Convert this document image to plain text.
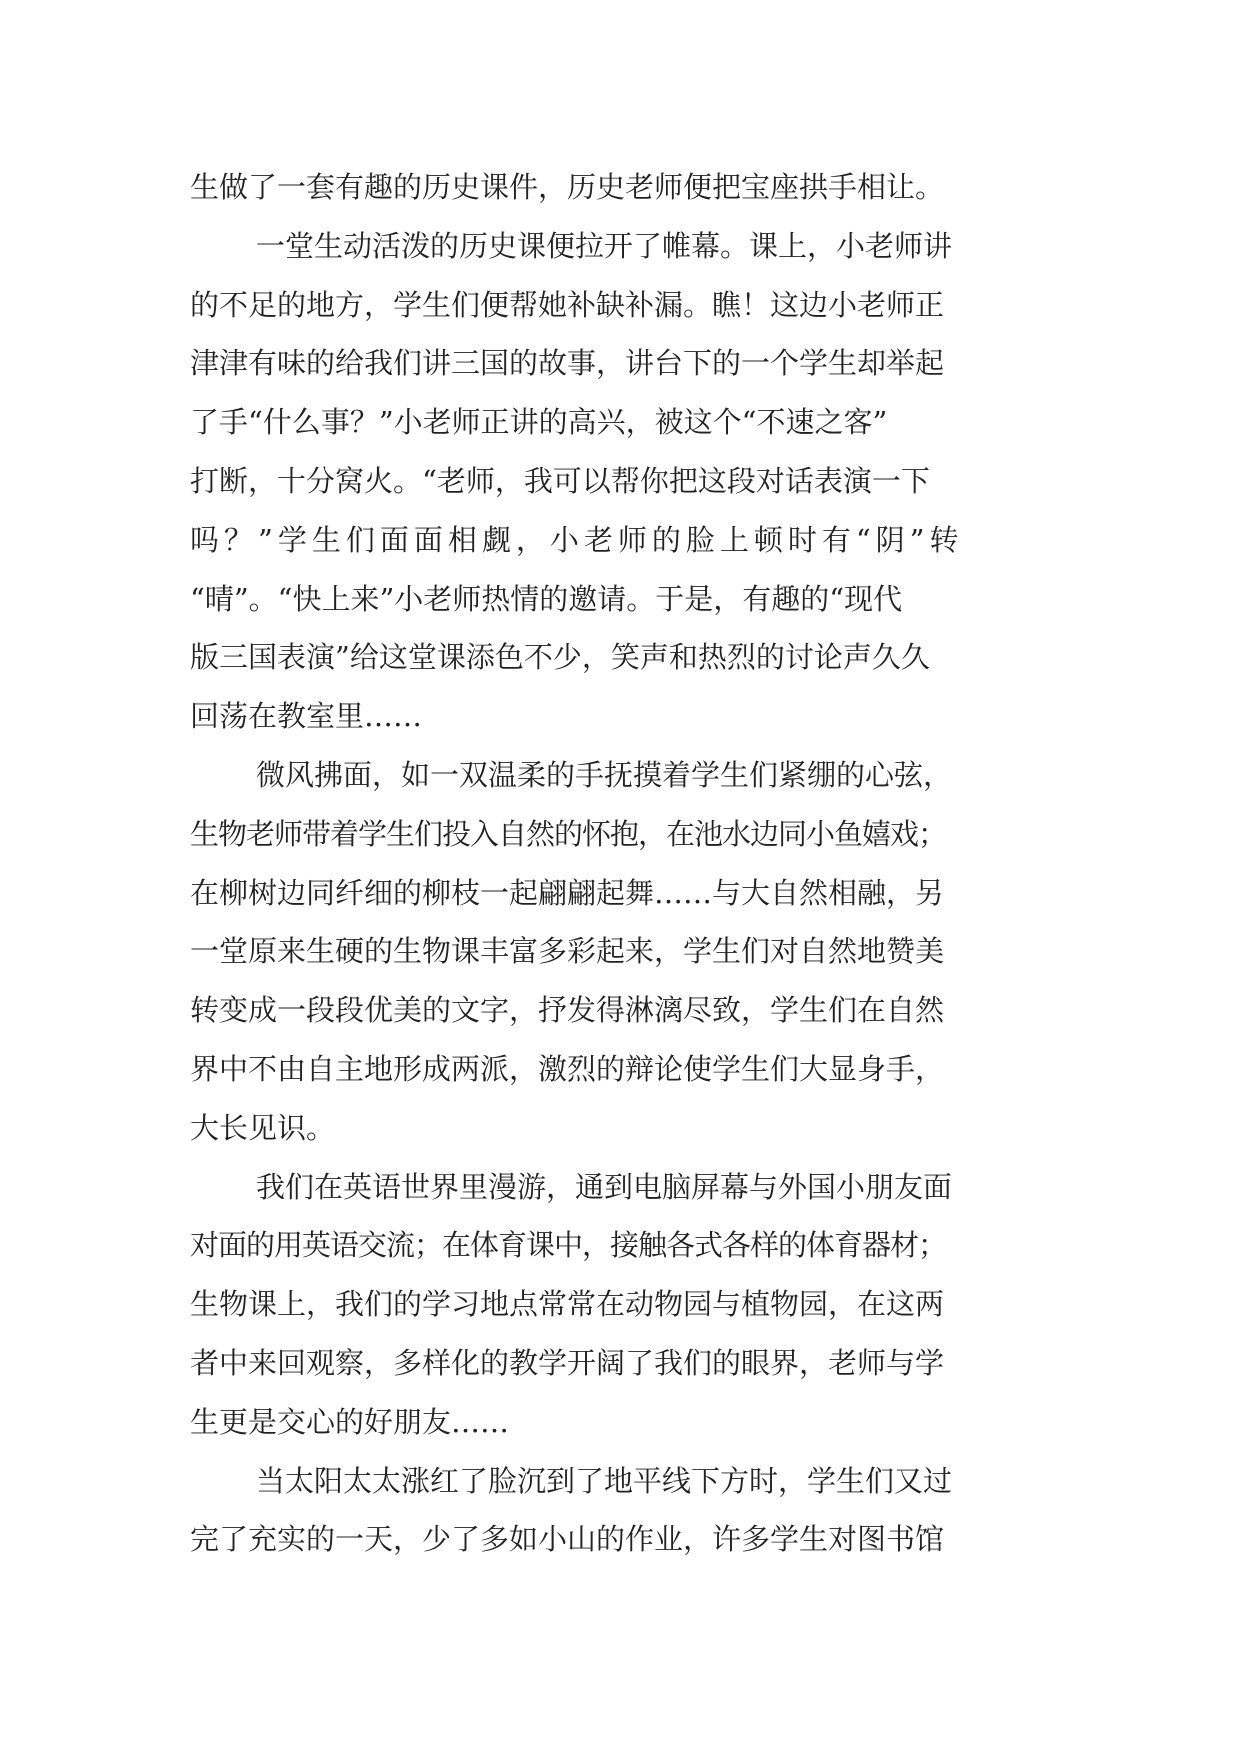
生做了一套有趣的历史课件，历史老师便把宝座拱手相让。
一堂生动活泼的历史课便拉开了帷幕。课上，小老师讲
的不足的地方，学生们便帮她补缺补漏。瞧！这边小老师正
津津有味的给我们讲三国的故事，讲台下的一个学生却举起
了手“什么事？”小老师正讲的高兴，被这个“不速之客”
打断，十分窝火。“老师，我可以帮你把这段对话表演一下
吗？”学生们面面相觑，小老师的脸上顿时有“阴”转
“晴”。“快上来”小老师热情的邀请。于是，有趣的“现代
版三国表演”给这堂课添色不少，笑声和热烈的讨论声久久
回荡在教室里……
微风拂面，如一双温柔的手抚摸着学生们紧绷的心弦，
生物老师带着学生们投入自然的怀抱，在池水边同小鱼嬉戏；
在柳树边同纤细的柳枝一起翩翩起舞……与大自然相融，另
一堂原来生硬的生物课丰富多彩起来，学生们对自然地赞美
转变成一段段优美的文字，抒发得淋漓尽致，学生们在自然
界中不由自主地形成两派，激烈的辩论使学生们大显身手，
大长见识。
我们在英语世界里漫游，通到电脑屏幕与外国小朋友面
对面的用英语交流；在体育课中，接触各式各样的体育器材；
生物课上，我们的学习地点常常在动物园与植物园，在这两
者中来回观察，多样化的教学开阔了我们的眼界，老师与学
生更是交心的好朋友……
当太阳太太涨红了脸沉到了地平线下方时，学生们又过
完了充实的一天，少了多如小山的作业，许多学生对图书馆
